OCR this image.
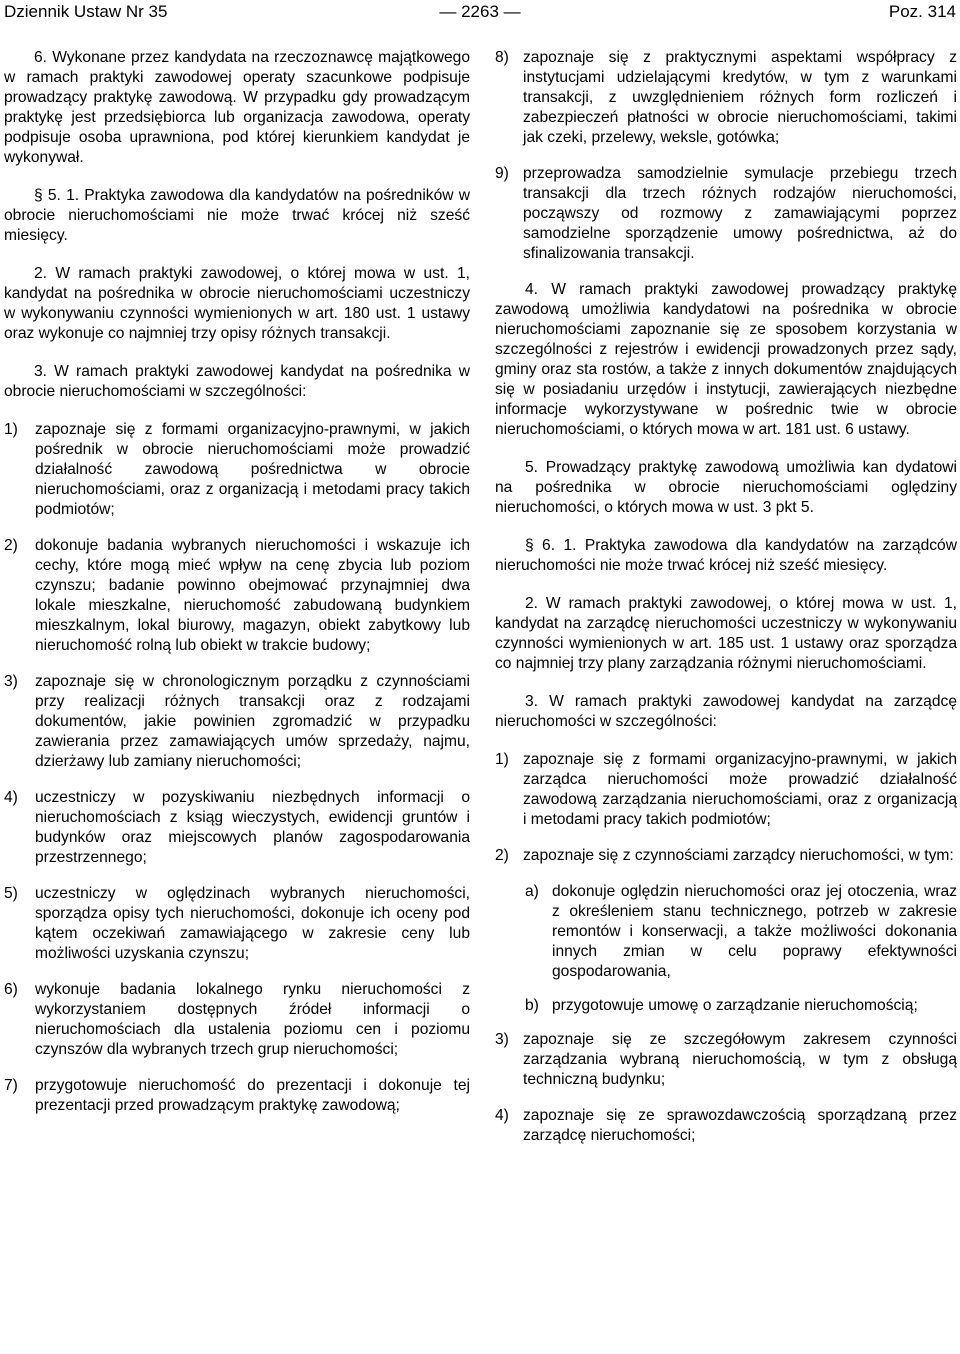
Dziennik Ustaw Nr 35	— 2263 —	Poz. 314

6. Wykonane przez kandydata na rzeczoznawcę majątkowego w ramach praktyki zawodowej operaty szacunkowe podpisuje prowadzący praktykę zawodową. W przypadku gdy prowadzącym praktykę jest przedsiębiorca lub organizacja zawodowa, operaty podpisuje osoba uprawniona, pod której kierunkiem kandydat je wykonywał.

§ 5. 1. Praktyka zawodowa dla kandydatów na pośredników w obrocie nieruchomościami nie może trwać krócej niż sześć miesięcy.

2. W ramach praktyki zawodowej, o której mowa w ust. 1, kandydat na pośrednika w obrocie nieruchomościami uczestniczy w wykonywaniu czynności wymienionych w art. 180 ust. 1 ustawy oraz wykonuje co najmniej trzy opisy różnych transakcji.

3. W ramach praktyki zawodowej kandydat na pośrednika w obrocie nieruchomościami w szczególności:

1)	zapoznaje się z formami organizacyjno-prawnymi, w jakich pośrednik w obrocie nieruchomościami może prowadzić działalność zawodową pośrednictwa w obrocie nieruchomościami, oraz z organizacją i metodami pracy takich podmiotów;
2)	dokonuje badania wybranych nieruchomości i wskazuje ich cechy, które mogą mieć wpływ na cenę zbycia lub poziom czynszu; badanie powinno obejmować przynajmniej dwa lokale mieszkalne, nieruchomość zabudowaną budynkiem mieszkalnym, lokal biurowy, magazyn, obiekt zabytkowy lub nieruchomość rolną lub obiekt w trakcie budowy;
3)	zapoznaje się w chronologicznym porządku z czynnościami przy realizacji różnych transakcji oraz z rodzajami dokumentów, jakie powinien zgromadzić w przypadku zawierania przez zamawiających umów sprzedaży, najmu, dzierżawy lub zamiany nieruchomości;
4)	uczestniczy w pozyskiwaniu niezbędnych informacji o nieruchomościach z ksiąg wieczystych, ewidencji gruntów i budynków oraz miejscowych planów zagospodarowania przestrzennego;
5)	uczestniczy w oględzinach wybranych nieruchomości, sporządza opisy tych nieruchomości, dokonuje ich oceny pod kątem oczekiwań zamawiającego w zakresie ceny lub możliwości uzyskania czynszu;
6)	wykonuje badania lokalnego rynku nieruchomości z wykorzystaniem dostępnych źródeł informacji o nieruchomościach dla ustalenia poziomu cen i poziomu czynszów dla wybranych trzech grup nieruchomości;
7)	przygotowuje nieruchomość do prezentacji i dokonuje tej prezentacji przed prowadzącym praktykę zawodową;
8) zapoznaje się z praktycznymi aspektami współpracy z instytucjami udzielającymi kredytów, w tym z warunkami transakcji, z uwzględnieniem różnych form rozliczeń i zabezpieczeń płatności w obrocie nieruchomościami, takimi jak czeki, przelewy, weksle, gotówka;
9) przeprowadza samodzielnie symulacje przebiegu trzech transakcji dla trzech różnych rodzajów nieruchomości, począwszy od rozmowy z zamawiającymi poprzez samodzielne sporządzenie umowy pośrednictwa, aż do sfinalizowania transakcji.

4. W ramach praktyki zawodowej prowadzący praktykę zawodową umożliwia kandydatowi na pośrednika w obrocie nieruchomościami zapoznanie się ze sposobem korzystania w szczególności z rejestrów i ewidencji prowadzonych przez sądy, gminy oraz sta rostów, a także z innych dokumentów znajdujących się w posiadaniu urzędów i instytucji, zawierających niezbędne informacje wykorzystywane w pośrednic twie w obrocie nieruchomościami, o których mowa w art. 181 ust. 6 ustawy.

5. Prowadzący praktykę zawodową umożliwia kan dydatowi na pośrednika w obrocie nieruchomościami oględziny nieruchomości, o których mowa w ust. 3 pkt 5.

§ 6. 1. Praktyka zawodowa dla kandydatów na zarządców nieruchomości nie może trwać krócej niż sześć miesięcy.

2. W ramach praktyki zawodowej, o której mowa w ust. 1, kandydat na zarządcę nieruchomości uczestniczy w wykonywaniu czynności wymienionych w art. 185 ust. 1 ustawy oraz sporządza co najmniej trzy plany zarządzania różnymi nieruchomościami.

3. W ramach praktyki zawodowej kandydat na zarządcę nieruchomości w szczególności:

1) zapoznaje się z formami organizacyjno-prawnymi, w jakich zarządca nieruchomości może prowadzić działalność zawodową zarządzania nieruchomościami, oraz z organizacją i metodami pracy takich podmiotów;
2) zapoznaje się z czynnościami zarządcy nieruchomości, w tym:
a) dokonuje oględzin nieruchomości oraz jej otoczenia, wraz z określeniem stanu technicznego, potrzeb w zakresie remontów i konserwacji, a także możliwości dokonania innych zmian w celu poprawy efektywności gospodarowania,
b) przygotowuje umowę o zarządzanie nieruchomością;
3) zapoznaje się ze szczegółowym zakresem czynności zarządzania wybraną nieruchomością, w tym z obsługą techniczną budynku;
4) zapoznaje się ze sprawozdawczością sporządzaną przez zarządcę nieruchomości;
